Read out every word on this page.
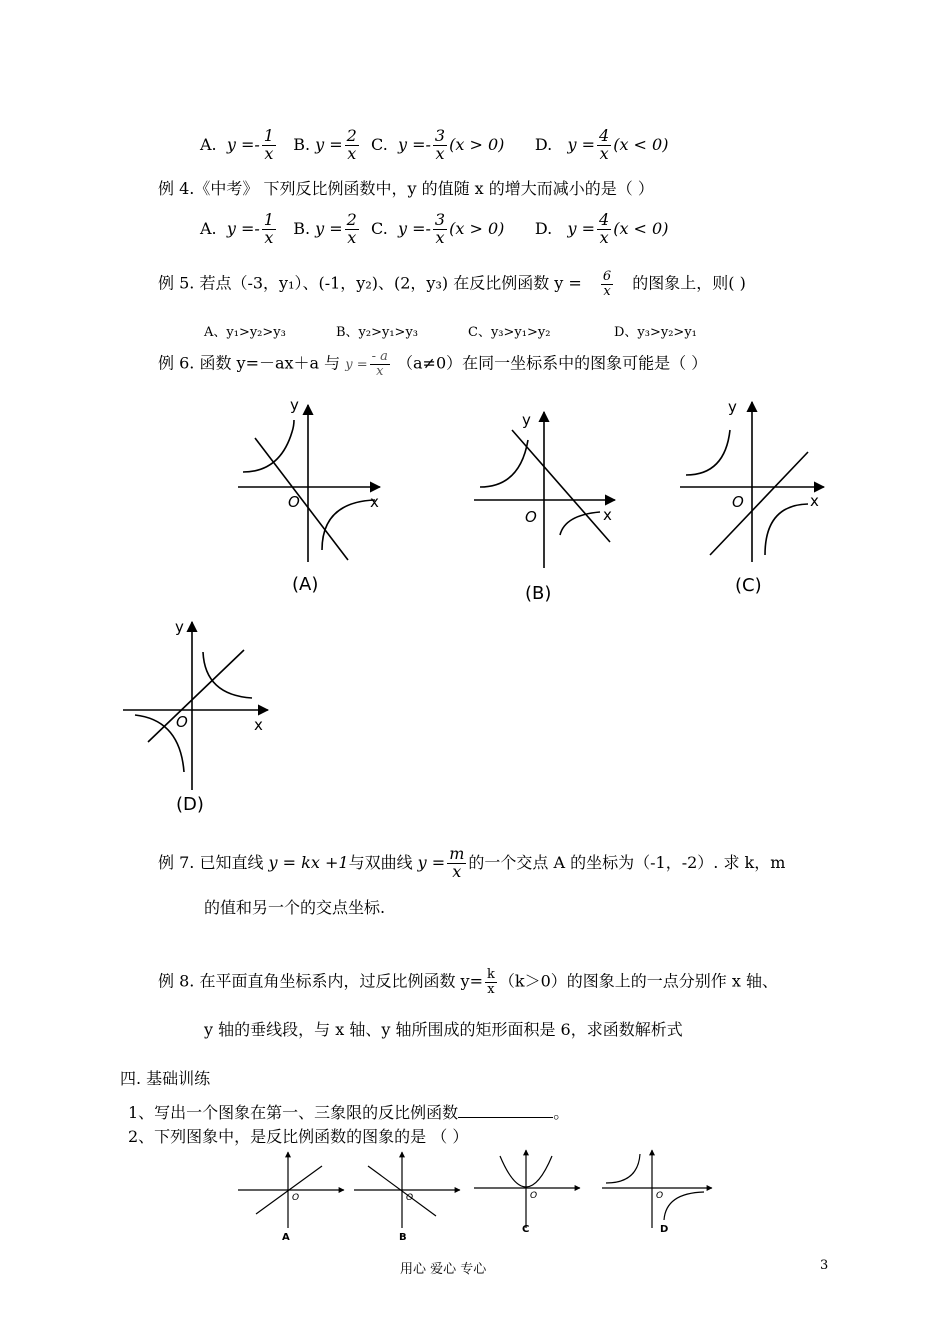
A. $y =- \frac{1}{x} B$. $y = \frac{2}{x} C$. $y =- \frac{3}{x} (x > 0)$ D. $y = \frac{4}{x} (x < 0)$
例 4.《中考》 下列反比例函数中，y 的值随 x 的增大而减小的是（ ）
A. $y =- \frac{1}{x} B$. $y = \frac{2}{x} C$. $y =- \frac{3}{x} (x > 0)$ D. $y = \frac{4}{x} (x < 0)$
例 5. 若点（-3，y₁）、(-1，y₂)、(2，y₃) 在反比例函数 $y = \frac{6}{x}$ 的图象上，则( )
A、y₁>y₂>y₃	B、y₂>y₁>y₃	C、y₃>y₁>y₂	D、y₃>y₂>y₁
例 6. 函数 y=－ax＋a 与 $y = \frac{- a}{x} (a\ne 0)$在同一坐标系中的图象可能是（ ）
y
x
O
(A)
y
x
O
(B)
y
x
O
(C)
y
x
O
(D)
例 7. 已知直线 y = kx +1与双曲线 $y = \frac{m}{x}$ 的一个交点 A 的坐标为（-1，-2）. 求 k，m
的值和另一个的交点坐标.
例 8. 在平面直角坐标系内，过反比例函数 $y= \frac{k}{x} (k>0)$的图象上的一点分别作 x 轴、
y 轴的垂线段，与 x 轴、y 轴所围成的矩形面积是 6，求函数解析式
四. 基础训练
1、写出一个图象在第一、三象限的反比例函数	。
2、下列图象中，是反比例函数的图象的是 （ ）
O
A
O
B
O
C
O
D
用心 爱心 专心	3
